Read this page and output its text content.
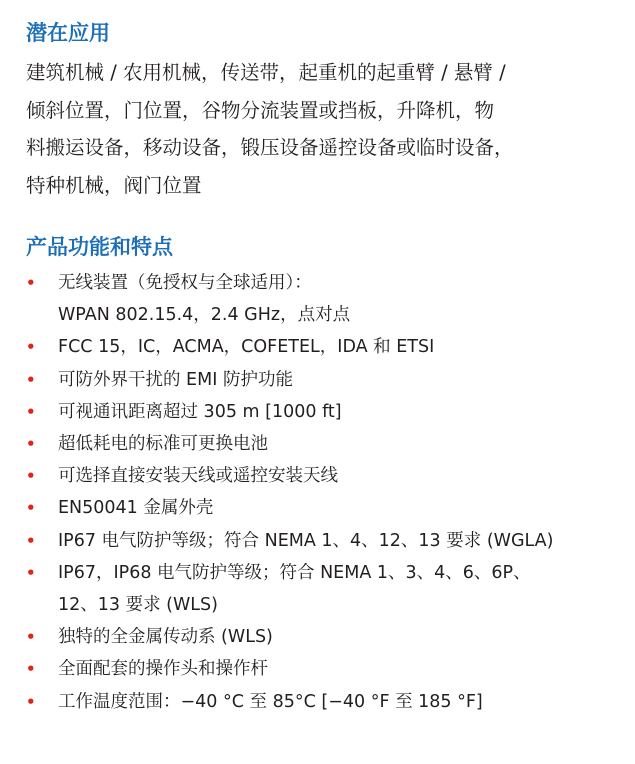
潜在应用

建筑机械 / 农用机械，传送带，起重机的起重臂 / 悬臂 /
倾斜位置，门位置，谷物分流装置或挡板，升降机，物
料搬运设备，移动设备，锻压设备遥控设备或临时设备，
特种机械，阀门位置

产品功能和特点
• 无线装置（免授权与全球适用）：
WPAN 802.15.4，2.4 GHz，点对点
• FCC 15，IC，ACMA，COFETEL，IDA 和 ETSI
• 可防外界干扰的 EMI 防护功能
• 可视通讯距离超过 305 m [1000 ft]
• 超低耗电的标准可更换电池
• 可选择直接安装天线或遥控安装天线
• EN50041 金属外壳
• IP67 电气防护等级；符合 NEMA 1、4、12、13 要求 (WGLA)
• IP67，IP68 电气防护等级；符合 NEMA 1、3、4、6、6P、
12、13 要求 (WLS)
• 独特的全金属传动系 (WLS)
• 全面配套的操作头和操作杆
• 工作温度范围：−40 °C 至 85°C [−40 °F 至 185 °F]
